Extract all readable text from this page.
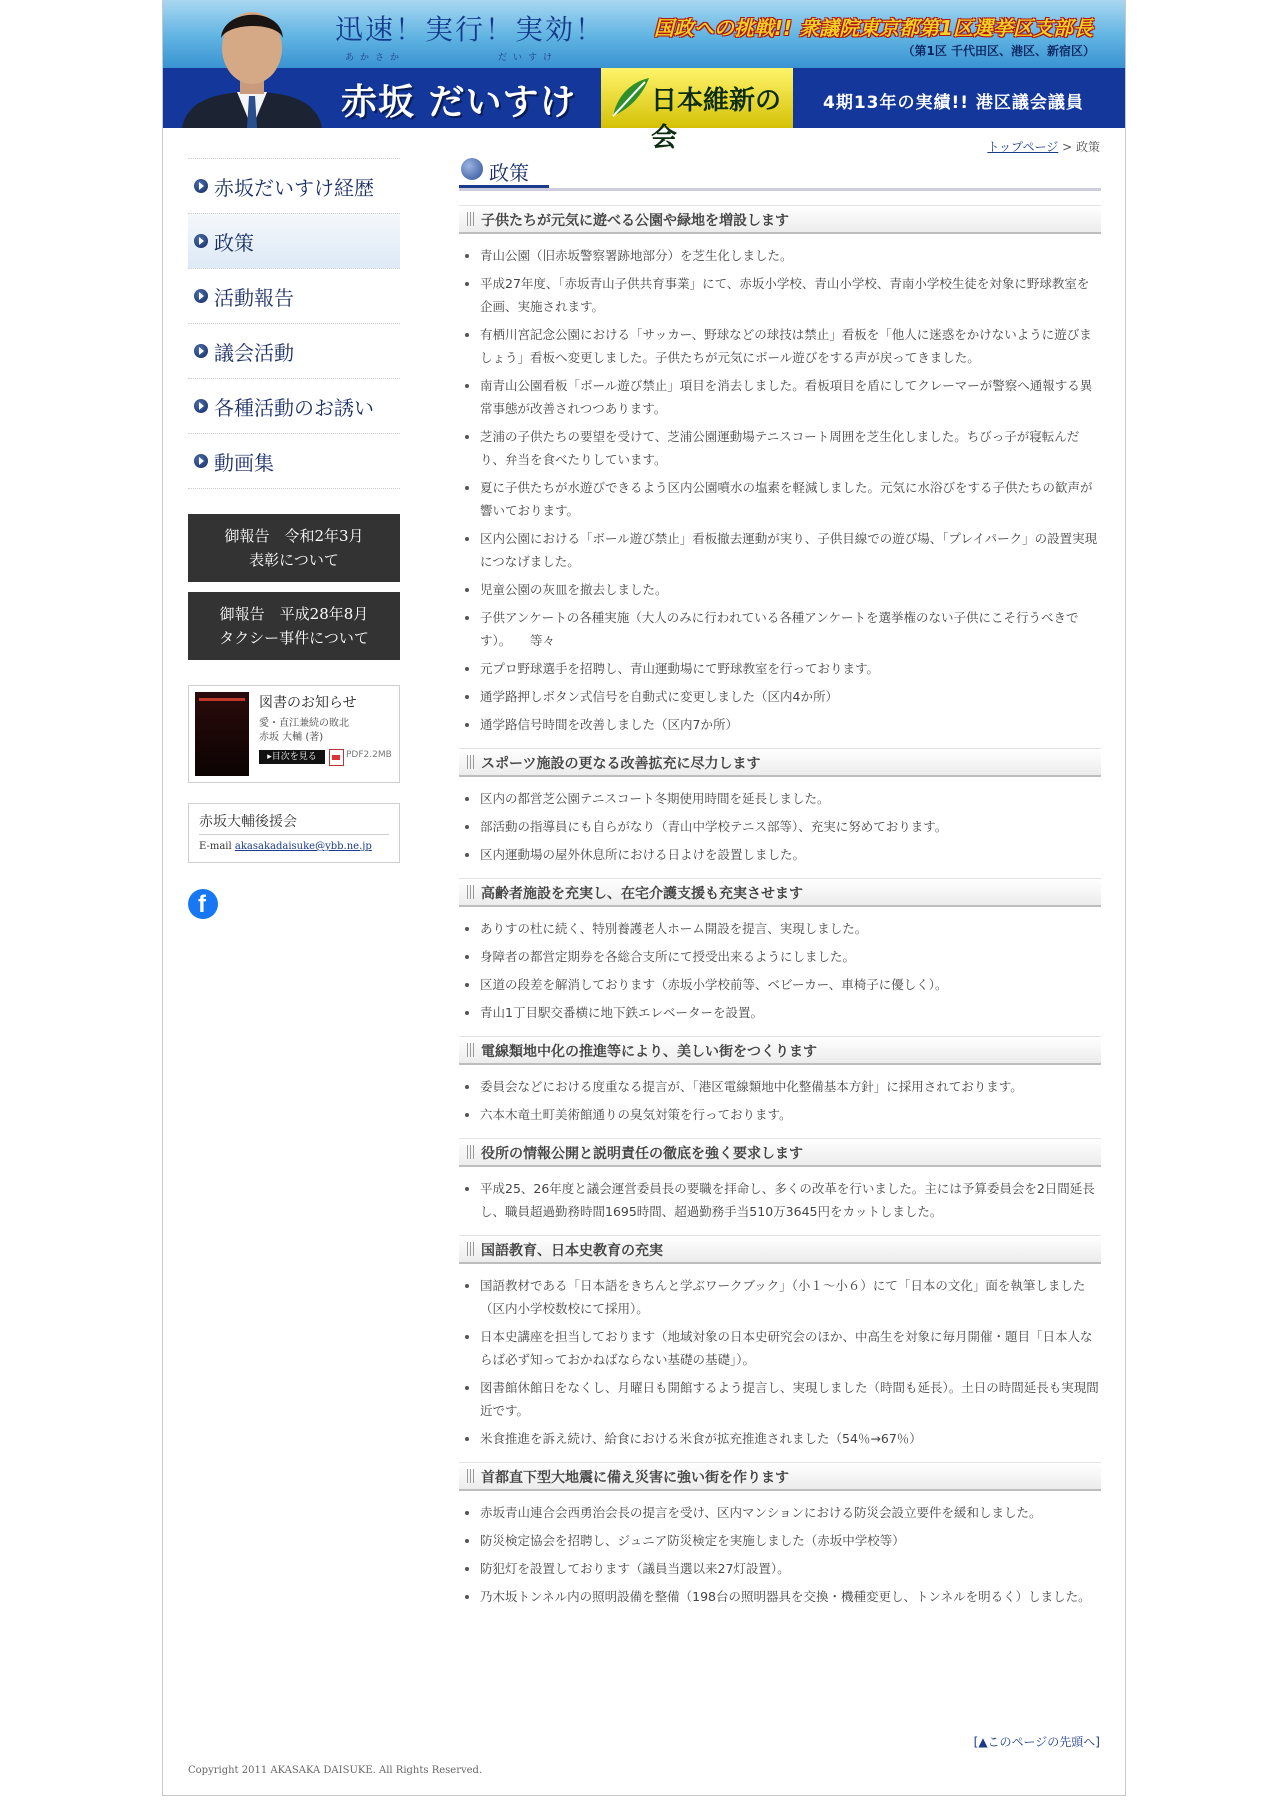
迅速！実行！実効！
あかさか	だいすけ
国政への挑戦!! 衆議院東京都第1区選挙区支部長
（第1区 千代田区、港区、新宿区）
赤坂 だいすけ	日本維新の会
4期13年の実績!! 港区議会議員
トップページ > 政策
赤坂だいすけ経歴
政策
活動報告
議会活動
各種活動のお誘い
動画集
御報告　令和2年3月
表彰について
御報告　平成28年8月
タクシー事件について
図書のお知らせ
愛・直江兼続の敗北
赤坂 大輔 (著)
▸目次を見る	PDF2.2MB
赤坂大輔後援会
E-mail akasakadaisuke@ybb.ne.jp
f
政策
子供たちが元気に遊べる公園や緑地を増設します
青山公園（旧赤坂警察署跡地部分）を芝生化しました。
平成27年度、「赤坂青山子供共育事業」にて、赤坂小学校、青山小学校、青南小学校生徒を対象に野球教室を企画、実施されます。
有栖川宮記念公園における「サッカー、野球などの球技は禁止」看板を「他人に迷惑をかけないように遊びましょう」看板へ変更しました。子供たちが元気にボール遊びをする声が戻ってきました。
南青山公園看板「ボール遊び禁止」項目を消去しました。看板項目を盾にしてクレーマーが警察へ通報する異常事態が改善されつつあります。
芝浦の子供たちの要望を受けて、芝浦公園運動場テニスコート周囲を芝生化しました。ちびっ子が寝転んだり、弁当を食べたりしています。
夏に子供たちが水遊びできるよう区内公園噴水の塩素を軽減しました。元気に水浴びをする子供たちの歓声が響いております。
区内公園における「ボール遊び禁止」看板撤去運動が実り、子供目線での遊び場、「プレイパーク」の設置実現につなげました。
児童公園の灰皿を撤去しました。
子供アンケートの各種実施（大人のみに行われている各種アンケートを選挙権のない子供にこそ行うべきです）。　　等々
元プロ野球選手を招聘し、青山運動場にて野球教室を行っております。
通学路押しボタン式信号を自動式に変更しました（区内4か所）
通学路信号時間を改善しました（区内7か所）
スポーツ施設の更なる改善拡充に尽力します
区内の都営芝公園テニスコート冬期使用時間を延長しました。
部活動の指導員にも自らがなり（青山中学校テニス部等）、充実に努めております。
区内運動場の屋外休息所における日よけを設置しました。
高齢者施設を充実し、在宅介護支援も充実させます
ありすの杜に続く、特別養護老人ホーム開設を提言、実現しました。
身障者の都営定期券を各総合支所にて授受出来るようにしました。
区道の段差を解消しております（赤坂小学校前等、ベビーカー、車椅子に優しく）。
青山1丁目駅交番横に地下鉄エレベーターを設置。
電線類地中化の推進等により、美しい街をつくります
委員会などにおける度重なる提言が、「港区電線類地中化整備基本方針」に採用されております。
六本木竜土町美術館通りの臭気対策を行っております。
役所の情報公開と説明責任の徹底を強く要求します
平成25、26年度と議会運営委員長の要職を拝命し、多くの改革を行いました。主には予算委員会を2日間延長し、職員超過勤務時間1695時間、超過勤務手当510万3645円をカットしました。
国語教育、日本史教育の充実
国語教材である「日本語をきちんと学ぶワークブック」（小１～小６）にて「日本の文化」面を執筆しました（区内小学校数校にて採用）。
日本史講座を担当しております（地域対象の日本史研究会のほか、中高生を対象に毎月開催・題目「日本人ならば必ず知っておかねばならない基礎の基礎」）。
図書館休館日をなくし、月曜日も開館するよう提言し、実現しました（時間も延長）。土日の時間延長も実現間近です。
米食推進を訴え続け、給食における米食が拡充推進されました（54％→67％）
首都直下型大地震に備え災害に強い街を作ります
赤坂青山連合会西勇治会長の提言を受け、区内マンションにおける防災会設立要件を緩和しました。
防災検定協会を招聘し、ジュニア防災検定を実施しました（赤坂中学校等）
防犯灯を設置しております（議員当選以来27灯設置）。
乃木坂トンネル内の照明設備を整備（198台の照明器具を交換・機種変更し、トンネルを明るく）しました。
[▲このページの先頭へ]
Copyright 2011 AKASAKA DAISUKE. All Rights Reserved.
